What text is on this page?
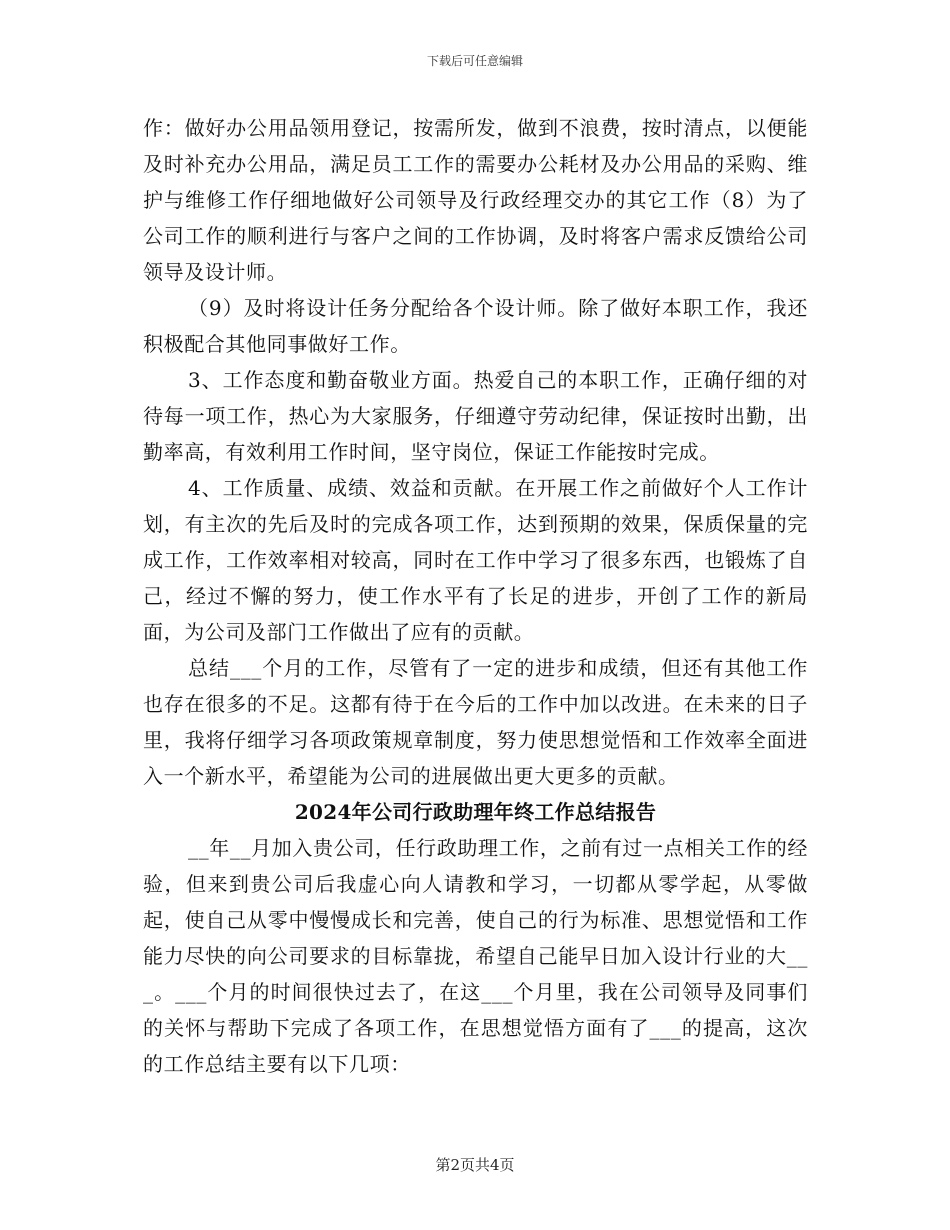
下载后可任意编辑

作：做好办公用品领用登记，按需所发，做到不浪费，按时清点，以便能及时补充办公用品，满足员工工作的需要办公耗材及办公用品的采购、维护与维修工作仔细地做好公司领导及行政经理交办的其它工作（8）为了公司工作的顺利进行与客户之间的工作协调，及时将客户需求反馈给公司领导及设计师。

（9）及时将设计任务分配给各个设计师。除了做好本职工作，我还积极配合其他同事做好工作。

3、工作态度和勤奋敬业方面。热爱自己的本职工作，正确仔细的对待每一项工作，热心为大家服务，仔细遵守劳动纪律，保证按时出勤，出勤率高，有效利用工作时间，坚守岗位，保证工作能按时完成。

4、工作质量、成绩、效益和贡献。在开展工作之前做好个人工作计划，有主次的先后及时的完成各项工作，达到预期的效果，保质保量的完成工作，工作效率相对较高，同时在工作中学习了很多东西，也锻炼了自己，经过不懈的努力，使工作水平有了长足的进步，开创了工作的新局面，为公司及部门工作做出了应有的贡献。

总结___个月的工作，尽管有了一定的进步和成绩，但还有其他工作也存在很多的不足。这都有待于在今后的工作中加以改进。在未来的日子里，我将仔细学习各项政策规章制度，努力使思想觉悟和工作效率全面进入一个新水平，希望能为公司的进展做出更大更多的贡献。

2024年公司行政助理年终工作总结报告

__年__月加入贵公司，任行政助理工作，之前有过一点相关工作的经验，但来到贵公司后我虚心向人请教和学习，一切都从零学起，从零做起，使自己从零中慢慢成长和完善，使自己的行为标准、思想觉悟和工作能力尽快的向公司要求的目标靠拢，希望自己能早日加入设计行业的大___。___个月的时间很快过去了，在这___个月里，我在公司领导及同事们的关怀与帮助下完成了各项工作，在思想觉悟方面有了___的提高，这次的工作总结主要有以下几项：

第2页共4页
